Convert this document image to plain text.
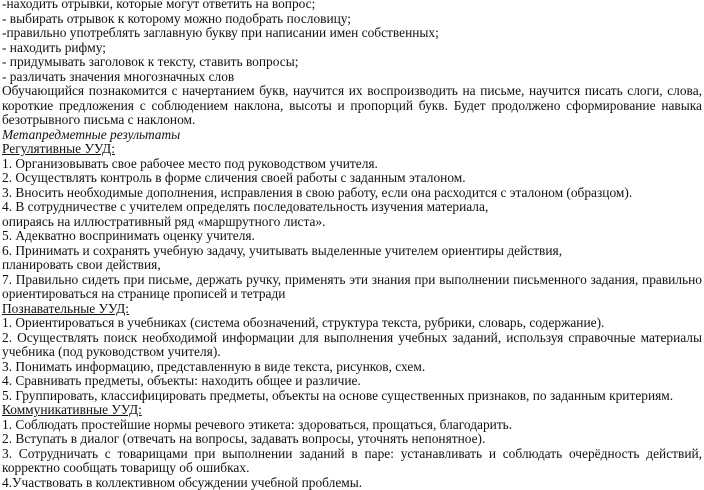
-находить отрывки, которые могут ответить на вопрос;
- выбирать отрывок к которому можно подобрать пословицу;
-правильно употреблять заглавную букву при написании имен собственных;
- находить рифму;
- придумывать заголовок к тексту, ставить вопросы;
- различать значения многозначных слов
Обучающийся познакомится с начертанием букв, научится их воспроизводить на письме, научится писать слоги, слова, короткие предложения с соблюдением наклона, высоты и пропорций букв. Будет продолжено сформирование навыка безотрывного письма с наклоном.
Метапредметные результаты
Регулятивные УУД:
1. Организовывать свое рабочее место под руководством учителя.
2. Осуществлять контроль в форме сличения своей работы с заданным эталоном.
3. Вносить необходимые дополнения, исправления в свою работу, если она расходится с эталоном (образцом).
4. В сотрудничестве с учителем определять последовательность изучения материала,
опираясь на иллюстративный ряд «маршрутного листа».
5. Адекватно воспринимать оценку учителя.
6. Принимать и сохранять учебную задачу, учитывать выделенные учителем ориентиры действия,
планировать свои действия,
7. Правильно сидеть при письме, держать ручку, применять эти знания при выполнении письменного задания, правильно ориентироваться на странице прописей и тетради
Познавательные УУД:
1. Ориентироваться в учебниках (система обозначений, структура текста, рубрики, словарь, содержание).
2. Осуществлять поиск необходимой информации для выполнения учебных заданий, используя справочные материалы учебника (под руководством учителя).
3. Понимать информацию, представленную в виде текста, рисунков, схем.
4. Сравнивать предметы, объекты: находить общее и различие.
5. Группировать, классифицировать предметы, объекты на основе существенных признаков, по заданным критериям.
Коммуникативные УУД:
1. Соблюдать простейшие нормы речевого этикета: здороваться, прощаться, благодарить.
2. Вступать в диалог (отвечать на вопросы, задавать вопросы, уточнять непонятное).
3. Сотрудничать с товарищами при выполнении заданий в паре: устанавливать и соблюдать очерёдность действий, корректно сообщать товарищу об ошибках.
4.Участвовать в коллективном обсуждении учебной проблемы.
